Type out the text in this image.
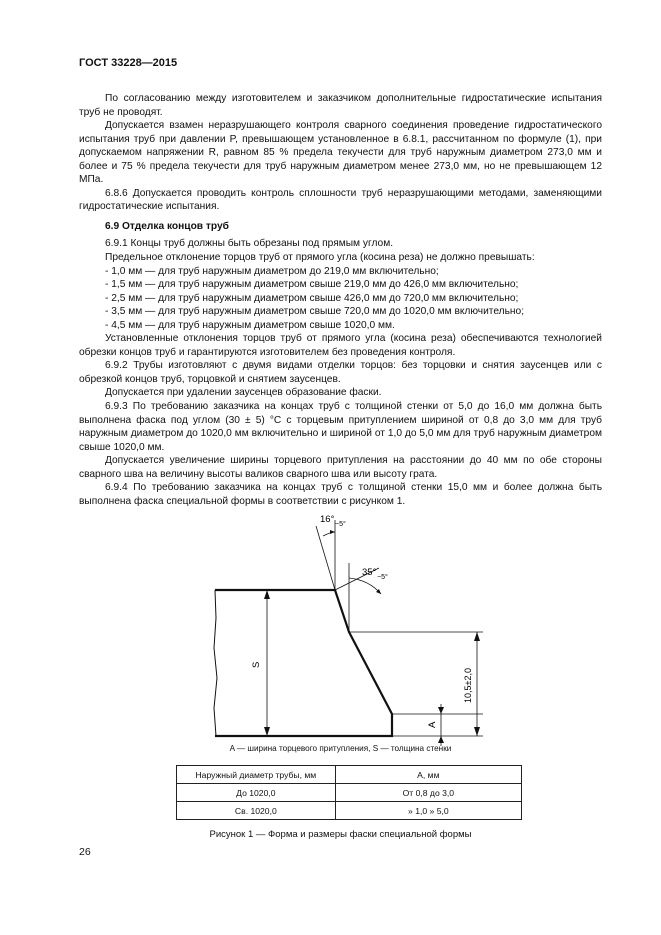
ГОСТ 33228—2015

По согласованию между изготовителем и заказчиком дополнительные гидростатические испытания труб не проводят.

Допускается взамен неразрушающего контроля сварного соединения проведение гидростатического испытания труб при давлении P, превышающем установленное в 6.8.1, рассчитанном по формуле (1), при допускаемом напряжении R, равном 85 % предела текучести для труб наружным диаметром 273,0 мм и более и 75 % предела текучести для труб наружным диаметром менее 273,0 мм, но не превышающем 12 МПа.

6.8.6 Допускается проводить контроль сплошности труб неразрушающими методами, заменяющими гидростатические испытания.

6.9 Отделка концов труб

6.9.1 Концы труб должны быть обрезаны под прямым углом.

Предельное отклонение торцов труб от прямого угла (косина реза) не должно превышать:

- 1,0 мм — для труб наружным диаметром до 219,0 мм включительно;

- 1,5 мм — для труб наружным диаметром свыше 219,0 мм до 426,0 мм включительно;

- 2,5 мм — для труб наружным диаметром свыше 426,0 мм до 720,0 мм включительно;

- 3,5 мм — для труб наружным диаметром свыше 720,0 мм до 1020,0 мм включительно;

- 4,5 мм — для труб наружным диаметром свыше 1020,0 мм.

Установленные отклонения торцов труб от прямого угла (косина реза) обеспечиваются технологией обрезки концов труб и гарантируются изготовителем без проведения контроля.

6.9.2 Трубы изготовляют с двумя видами отделки торцов: без торцовки и снятия заусенцев или с обрезкой концов труб, торцовкой и снятием заусенцев.

Допускается при удалении заусенцев образование фаски.

6.9.3 По требованию заказчика на концах труб с толщиной стенки от 5,0 до 16,0 мм должна быть выполнена фаска под углом (30 ± 5) °С с торцевым притуплением шириной от 0,8 до 3,0 мм для труб наружным диаметром до 1020,0 мм включительно и шириной от 1,0 до 5,0 мм для труб наружным диаметром свыше 1020,0 мм.

Допускается увеличение ширины торцевого притупления на расстоянии до 40 мм по обе стороны сварного шва на величину высоты валиков сварного шва или высоту грата.

6.9.4 По требованию заказчика на концах труб с толщиной стенки 15,0 мм и более должна быть выполнена фаска специальной формы в соответствии с рисунком 1.

16° −5°
35° −5°
S
A
10,5±2,0
A — ширина торцевого притупления, S — толщина стенки
Наружный диаметр трубы, мм	A, мм
До 1020,0	От 0,8 до 3,0
Св. 1020,0	» 1,0 » 5,0
Рисунок 1 — Форма и размеры фаски специальной формы
26
